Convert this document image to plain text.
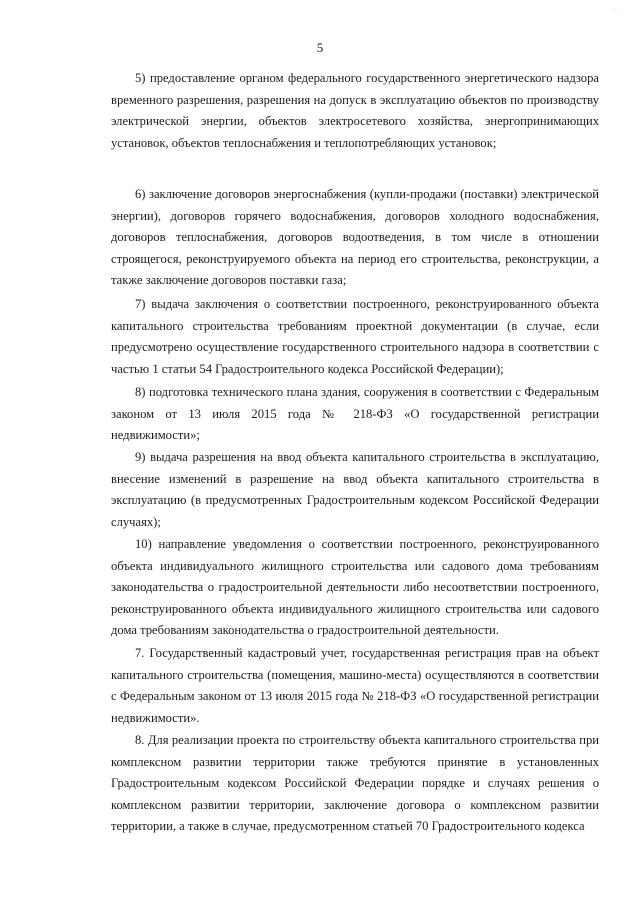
· ·
5

5) предоставление органом федерального государственного энергетического надзора временного разрешения, разрешения на допуск в эксплуатацию объектов по производству электрической энергии, объектов электросетевого хозяйства, энергопринимающих установок, объектов теплоснабжения и теплопотребляющих установок;

6) заключение договоров энергоснабжения (купли-продажи (поставки) электрической энергии), договоров горячего водоснабжения, договоров холодного водоснабжения, договоров теплоснабжения, договоров водоотведения, в том числе в отношении строящегося, реконструируемого объекта на период его строительства, реконструкции, а также заключение договоров поставки газа;

7) выдача заключения о соответствии построенного, реконструированного объекта капитального строительства требованиям проектной документации (в случае, если предусмотрено осуществление государственного строительного надзора в соответствии с частью 1 статьи 54 Градостроительного кодекса Российской Федерации);

8) подготовка технического плана здания, сооружения в соответствии с Федеральным законом от 13 июля 2015 года № 218-ФЗ «О государственной регистрации недвижимости»;

9) выдача разрешения на ввод объекта капитального строительства в эксплуатацию, внесение изменений в разрешение на ввод объекта капитального строительства в эксплуатацию (в предусмотренных Градостроительным кодексом Российской Федерации случаях);

10) направление уведомления о соответствии построенного, реконструированного объекта индивидуального жилищного строительства или садового дома требованиям законодательства о градостроительной деятельности либо несоответствии построенного, реконструированного объекта индивидуального жилищного строительства или садового дома требованиям законодательства о градостроительной деятельности.

7. Государственный кадастровый учет, государственная регистрация прав на объект капитального строительства (помещения, машино-места) осуществляются в соответствии с Федеральным законом от 13 июля 2015 года № 218-ФЗ «О государственной регистрации недвижимости».

8. Для реализации проекта по строительству объекта капитального строительства при комплексном развитии территории также требуются принятие в установленных Градостроительным кодексом Российской Федерации порядке и случаях решения о комплексном развитии территории, заключение договора о комплексном развитии территории, а также в случае, предусмотренном статьей 70 Градостроительного кодекса
